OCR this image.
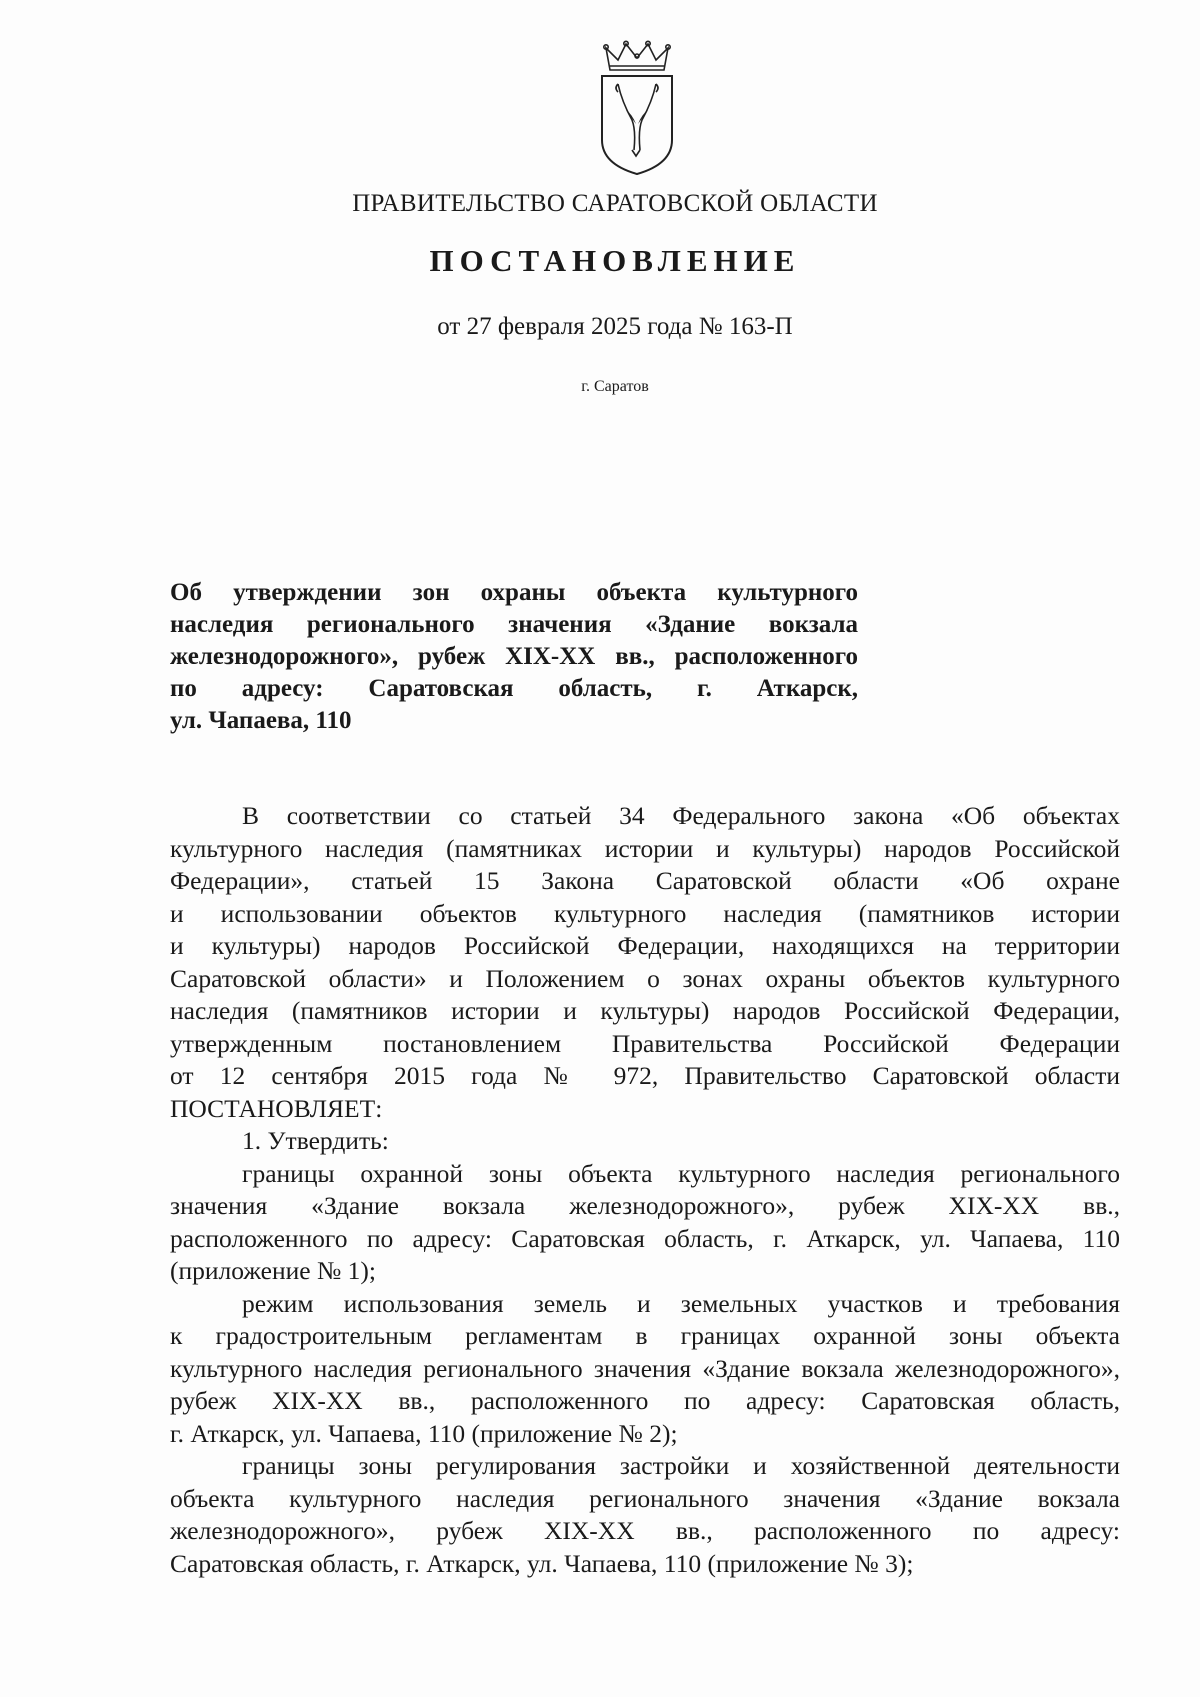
ПРАВИТЕЛЬСТВО САРАТОВСКОЙ ОБЛАСТИ
ПОСТАНОВЛЕНИЕ
от 27 февраля 2025 года № 163-П
г. Саратов
Об утверждении зон охраны объекта культурного
наследия регионального значения «Здание вокзала
железнодорожного», рубеж XIX-XX вв., расположенного
по адресу: Саратовская область, г. Аткарск,
ул. Чапаева, 110
В соответствии со статьей 34 Федерального закона «Об объектах
культурного наследия (памятниках истории и культуры) народов Российской
Федерации», статьей 15 Закона Саратовской области «Об охране
и использовании объектов культурного наследия (памятников истории
и культуры) народов Российской Федерации, находящихся на территории
Саратовской области» и Положением о зонах охраны объектов культурного
наследия (памятников истории и культуры) народов Российской Федерации,
утвержденным постановлением Правительства Российской Федерации
от 12 сентября 2015 года № 972, Правительство Саратовской области
ПОСТАНОВЛЯЕТ:
1. Утвердить:
границы охранной зоны объекта культурного наследия регионального
значения «Здание вокзала железнодорожного», рубеж XIX-XX вв.,
расположенного по адресу: Саратовская область, г. Аткарск, ул. Чапаева, 110
(приложение № 1);
режим использования земель и земельных участков и требования
к градостроительным регламентам в границах охранной зоны объекта
культурного наследия регионального значения «Здание вокзала железнодорожного»,
рубеж XIX-XX вв., расположенного по адресу: Саратовская область,
г. Аткарск, ул. Чапаева, 110 (приложение № 2);
границы зоны регулирования застройки и хозяйственной деятельности
объекта культурного наследия регионального значения «Здание вокзала
железнодорожного», рубеж XIX-XX вв., расположенного по адресу:
Саратовская область, г. Аткарск, ул. Чапаева, 110 (приложение № 3);
